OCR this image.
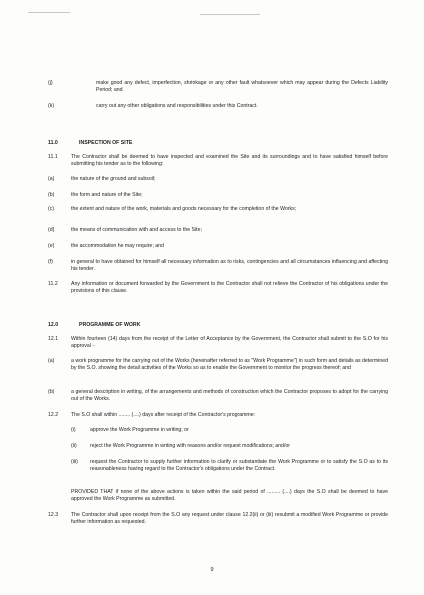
(j)	make good any defect, imperfection, shrinkage or any other fault whatsoever which may appear during the Defects Liability Period; and
(k)	carry out any other obligations and responsibilities under this Contract.
11.0	INSPECTION OF SITE
11.1	The Contractor shall be deemed to have inspected and examined the Site and its surroundings and to have satisfied himself before submitting his tender as to the following:
(a)	the nature of the ground and subsoil;
(b)	the form and nature of the Site;
(c)	the extent and nature of the work, materials and goods necessary for the completion of the Works;
(d)	the means of communication with and access to the Site;
(e)	the accommodation he may require; and
(f)	in general to have obtained for himself all necessary information as to risks, contingencies and all circumstances influencing and affecting his tender.
11.2	Any information or document forwarded by the Government to the Contractor shall not relieve the Contractor of his obligations under the provisions of this clause.
12.0	PROGRAMME OF WORK
12.1 Within fourteen (14) days from the receipt of the Letter of Acceptance by the Government, the Contractor shall submit to the S.O for his approval -
(a)	a work programme for the carrying out of the Works (hereinafter referred to as "Work Programme") in such form and details as determined by the S.O. showing the detail activities of the Works so as to enable the Government to monitor the progress thereof; and
(b)	a general description in writing, of the arrangements and methods of construction which the Contractor proposes to adopt for the carrying out of the Works.
12.2 The S.O shall within ........ (....) days after receipt of the Contractor's programme:
(i)	approve the Work Programme in writing; or
(ii)	reject the Work Programme in writing with reasons and/or request modifications; and/or
(iii) request the Contractor to supply further information to clarify or substantiate the Work Programme or to satisfy the S.O as to its reasonableness having regard to the Contractor's obligations under the Contract.
PROVIDED THAT if none of the above actions is taken within the said period of ......... (....) days the S.O shall be deemed to have approved the Work Programme as submitted.
12.3 The Contractor shall upon receipt from the S.O any request under clause 12.2(ii) or (iii) resubmit a modified Work Programme or provide further information as requested.
9
